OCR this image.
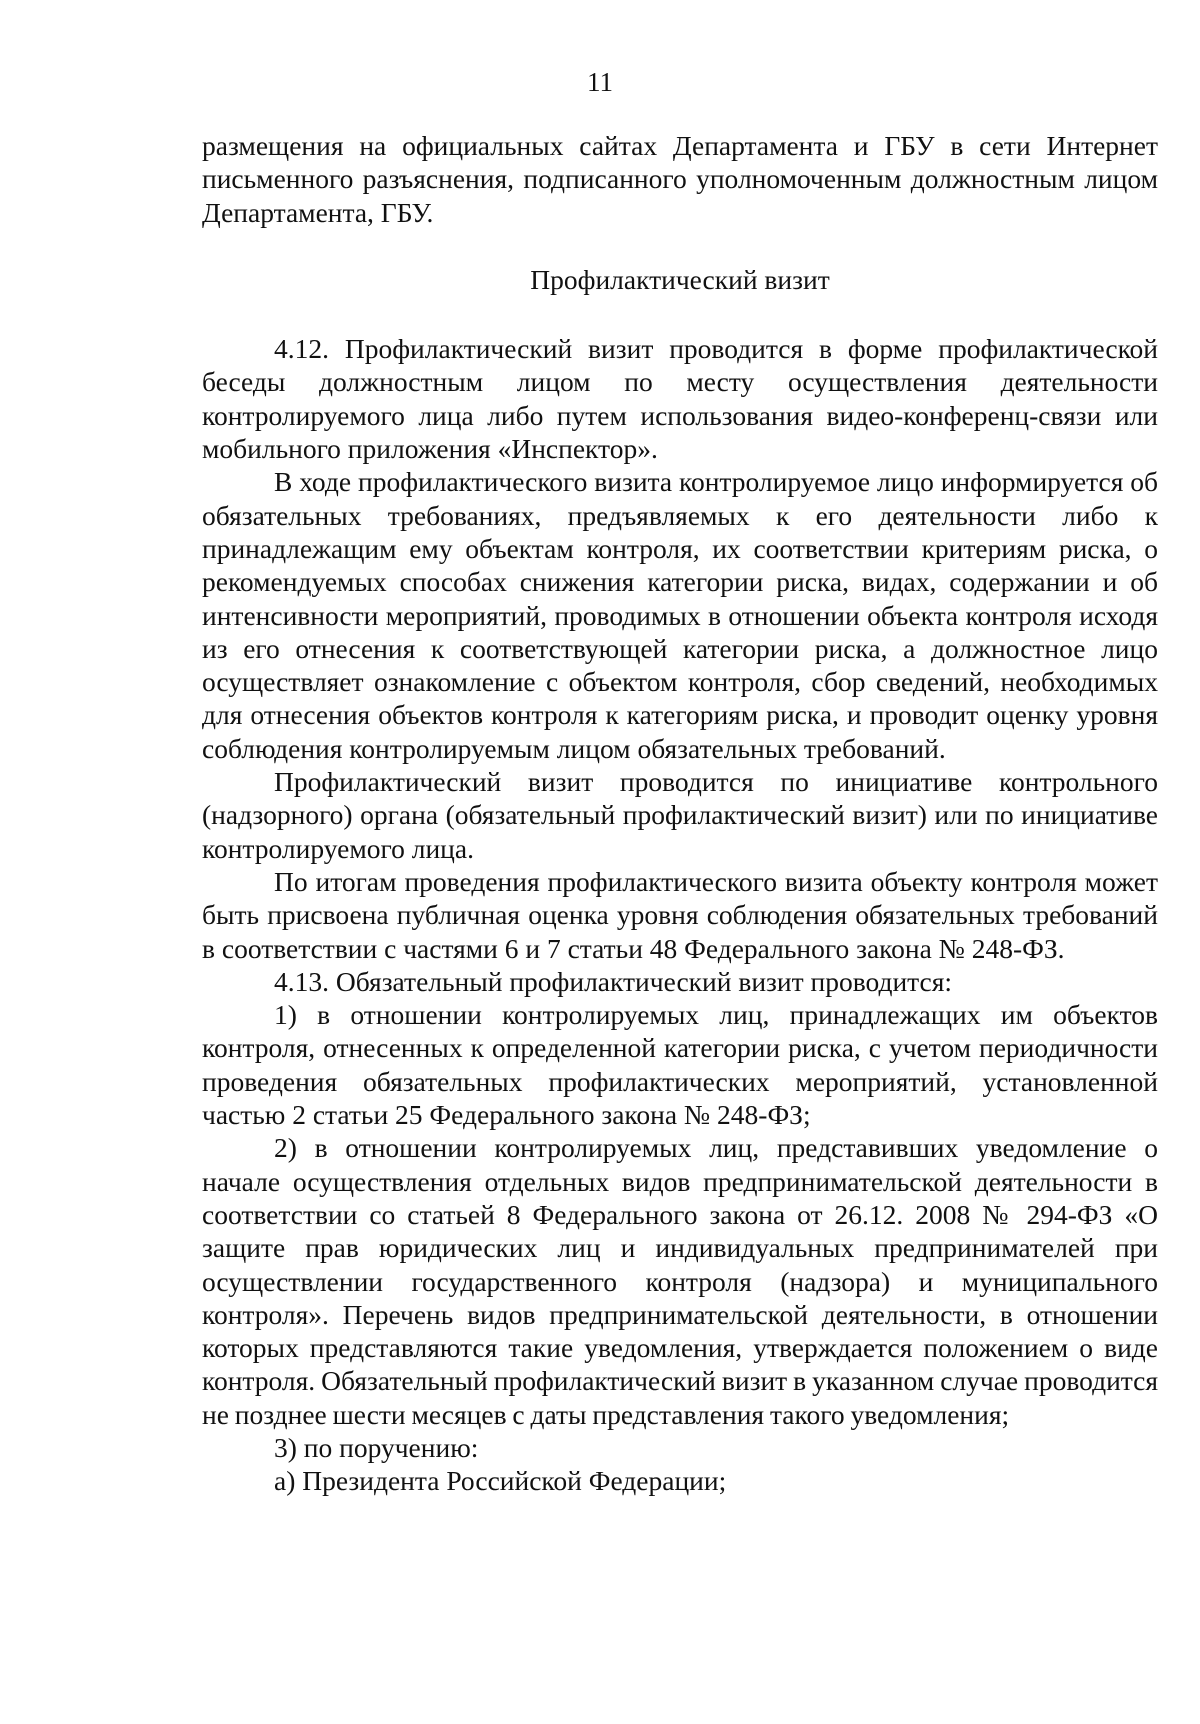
11

размещения на официальных сайтах Департамента и ГБУ в сети Интернет письменного разъяснения, подписанного уполномоченным должностным лицом Департамента, ГБУ.

Профилактический визит

4.12. Профилактический визит проводится в форме профилактической беседы должностным лицом по месту осуществления деятельности контролируемого лица либо путем использования видео-конференц-связи или мобильного приложения «Инспектор».

В ходе профилактического визита контролируемое лицо информируется об обязательных требованиях, предъявляемых к его деятельности либо к принадлежащим ему объектам контроля, их соответствии критериям риска, о рекомендуемых способах снижения категории риска, видах, содержании и об интенсивности мероприятий, проводимых в отношении объекта контроля исходя из его отнесения к соответствующей категории риска, а должностное лицо осуществляет ознакомление с объектом контроля, сбор сведений, необходимых для отнесения объектов контроля к категориям риска, и проводит оценку уровня соблюдения контролируемым лицом обязательных требований.

Профилактический визит проводится по инициативе контрольного (надзорного) органа (обязательный профилактический визит) или по инициативе контролируемого лица.

По итогам проведения профилактического визита объекту контроля может быть присвоена публичная оценка уровня соблюдения обязательных требований в соответствии с частями 6 и 7 статьи 48 Федерального закона № 248-ФЗ.

4.13. Обязательный профилактический визит проводится:

1) в отношении контролируемых лиц, принадлежащих им объектов контроля, отнесенных к определенной категории риска, с учетом периодичности проведения обязательных профилактических мероприятий, установленной частью 2 статьи 25 Федерального закона № 248-ФЗ;

2) в отношении контролируемых лиц, представивших уведомление о начале осуществления отдельных видов предпринимательской деятельности в соответствии со статьей 8 Федерального закона от 26.12. 2008 № 294-ФЗ «О защите прав юридических лиц и индивидуальных предпринимателей при осуществлении государственного контроля (надзора) и муниципального контроля». Перечень видов предпринимательской деятельности, в отношении которых представляются такие уведомления, утверждается положением о виде контроля. Обязательный профилактический визит в указанном случае проводится не позднее шести месяцев с даты представления такого уведомления;

3) по поручению:

а) Президента Российской Федерации;
